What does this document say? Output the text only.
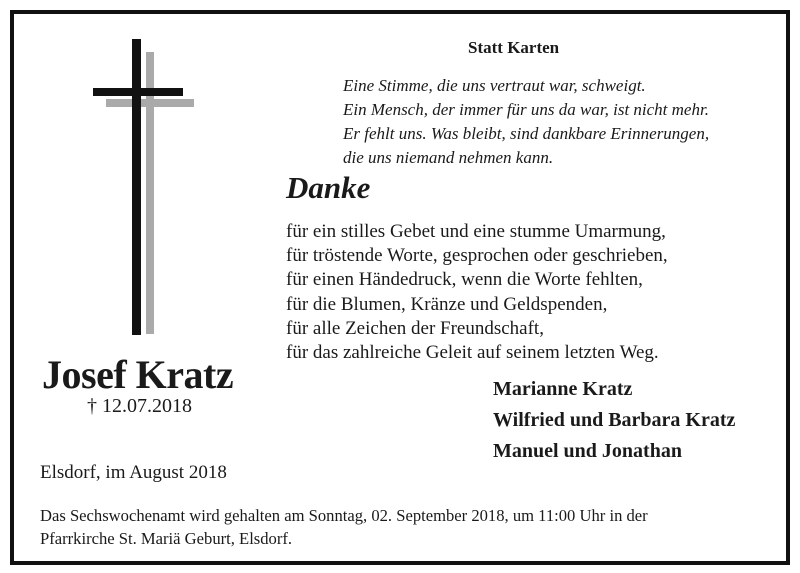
Statt Karten
Eine Stimme, die uns vertraut war, schweigt.
Ein Mensch, der immer für uns da war, ist nicht mehr.
Er fehlt uns. Was bleibt, sind dankbare Erinnerungen,
die uns niemand nehmen kann.
Danke
für ein stilles Gebet und eine stumme Umarmung,
für tröstende Worte, gesprochen oder geschrieben,
für einen Händedruck, wenn die Worte fehlten,
für die Blumen, Kränze und Geldspenden,
für alle Zeichen der Freundschaft,
für das zahlreiche Geleit auf seinem letzten Weg.
Josef Kratz
† 12.07.2018
Marianne Kratz
Wilfried und Barbara Kratz
Manuel und Jonathan
Elsdorf, im August 2018
Das Sechswochenamt wird gehalten am Sonntag, 02. September 2018, um 11:00 Uhr in der
Pfarrkirche St. Mariä Geburt, Elsdorf.
